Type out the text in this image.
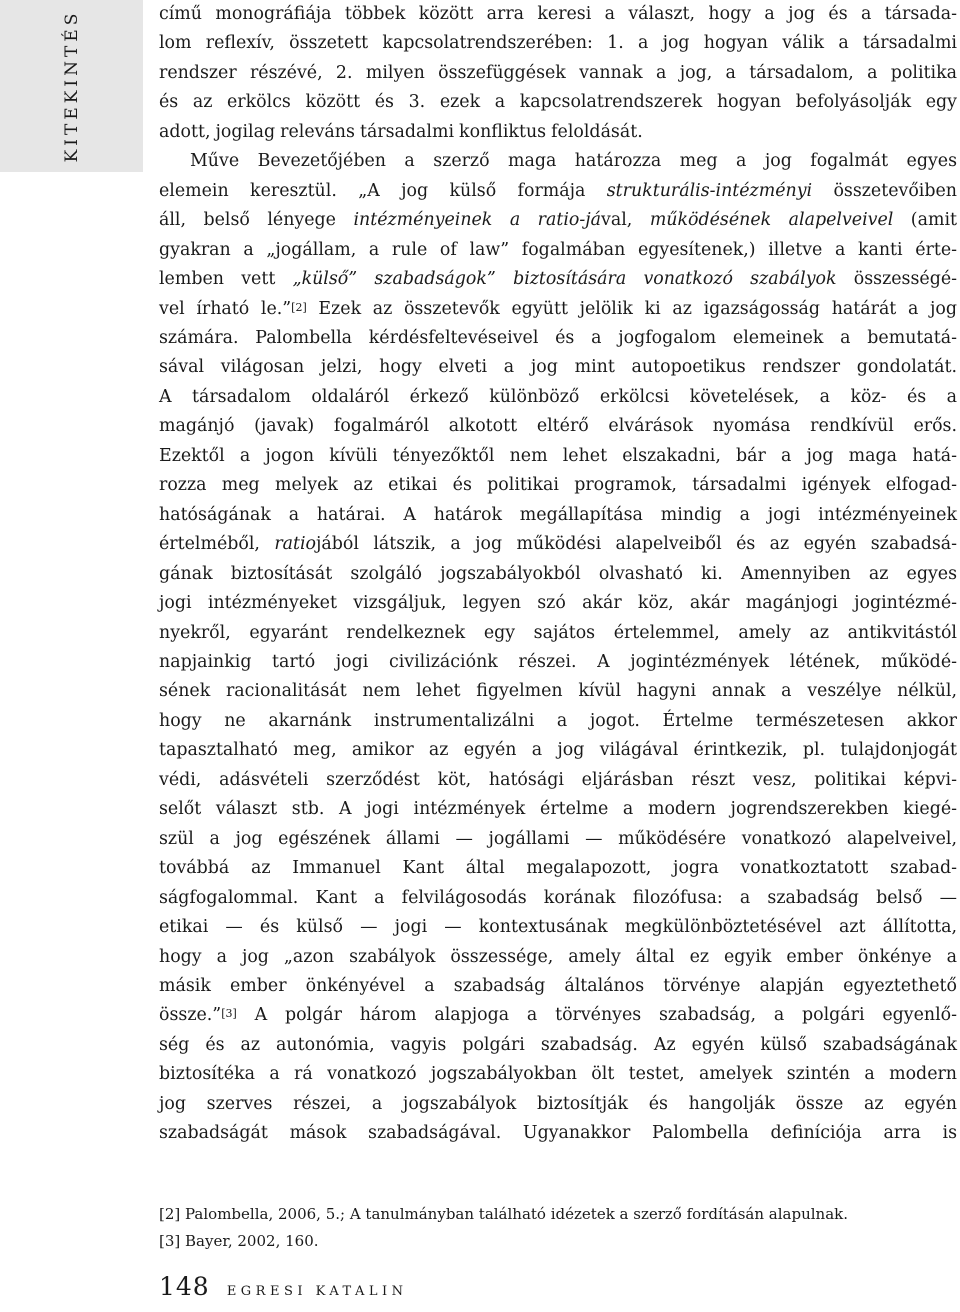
KITEKINTÉS	című monográfiája többek között arra keresi a választ, hogy a jog és a társada-
lom reflexív, összetett kapcsolatrendszerében: 1. a jog hogyan válik a társadalmi
rendszer részévé, 2. milyen összefüggések vannak a jog, a társadalom, a politika
és az erkölcs között és 3. ezek a kapcsolatrendszerek hogyan befolyásolják egy
adott, jogilag releváns társadalmi konfliktus feloldását.
Műve Bevezetőjében a szerző maga határozza meg a jog fogalmát egyes
elemein keresztül. „A jog külső formája strukturális-intézményi összetevőiben
áll, belső lényege intézményeinek a ratio-jával, működésének alapelveivel (amit
gyakran a „jogállam, a rule of law” fogalmában egyesítenek,) illetve a kanti érte-
lemben vett „külső” szabadságok” biztosítására vonatkozó szabályok összességé-
vel írható le.”[2] Ezek az összetevők együtt jelölik ki az igazságosság határát a jog
számára. Palombella kérdésfeltevéseivel és a jogfogalom elemeinek a bemutatá-
sával világosan jelzi, hogy elveti a jog mint autopoetikus rendszer gondolatát.
A társadalom oldaláról érkező különböző erkölcsi követelések, a köz- és a
magánjó (javak) fogalmáról alkotott eltérő elvárások nyomása rendkívül erős.
Ezektől a jogon kívüli tényezőktől nem lehet elszakadni, bár a jog maga hatá-
rozza meg melyek az etikai és politikai programok, társadalmi igények elfogad-
hatóságának a határai. A határok megállapítása mindig a jogi intézményeinek
értelméből, ratiojából látszik, a jog működési alapelveiből és az egyén szabadsá-
gának biztosítását szolgáló jogszabályokból olvasható ki. Amennyiben az egyes
jogi intézményeket vizsgáljuk, legyen szó akár köz, akár magánjogi jogintézmé-
nyekről, egyaránt rendelkeznek egy sajátos értelemmel, amely az antikvitástól
napjainkig tartó jogi civilizációnk részei. A jogintézmények létének, működé-
sének racionalitását nem lehet figyelmen kívül hagyni annak a veszélye nélkül,
hogy ne akarnánk instrumentalizálni a jogot. Értelme természetesen akkor
tapasztalható meg, amikor az egyén a jog világával érintkezik, pl. tulajdonjogát
védi, adásvételi szerződést köt, hatósági eljárásban részt vesz, politikai képvi-
selőt választ stb. A jogi intézmények értelme a modern jogrendszerekben kiegé-
szül a jog egészének állami — jogállami — működésére vonatkozó alapelveivel,
továbbá az Immanuel Kant által megalapozott, jogra vonatkoztatott szabad-
ságfogalommal. Kant a felvilágosodás korának filozófusa: a szabadság belső —
etikai — és külső — jogi — kontextusának megkülönböztetésével azt állította,
hogy a jog „azon szabályok összessége, amely által ez egyik ember önkénye a
másik ember önkényével a szabadság általános törvénye alapján egyeztethető
össze.”[3] A polgár három alapjoga a törvényes szabadság, a polgári egyenlő-
ség és az autonómia, vagyis polgári szabadság. Az egyén külső szabadságának
biztosítéka a rá vonatkozó jogszabályokban ölt testet, amelyek szintén a modern
jog szerves részei, a jogszabályok biztosítják és hangolják össze az egyén
szabadságát mások szabadságával. Ugyanakkor Palombella definíciója arra is
[2] Palombella, 2006, 5.; A tanulmányban található idézetek a szerző fordításán alapulnak.
[3] Bayer, 2002, 160.
148 EGRESI KATALIN
